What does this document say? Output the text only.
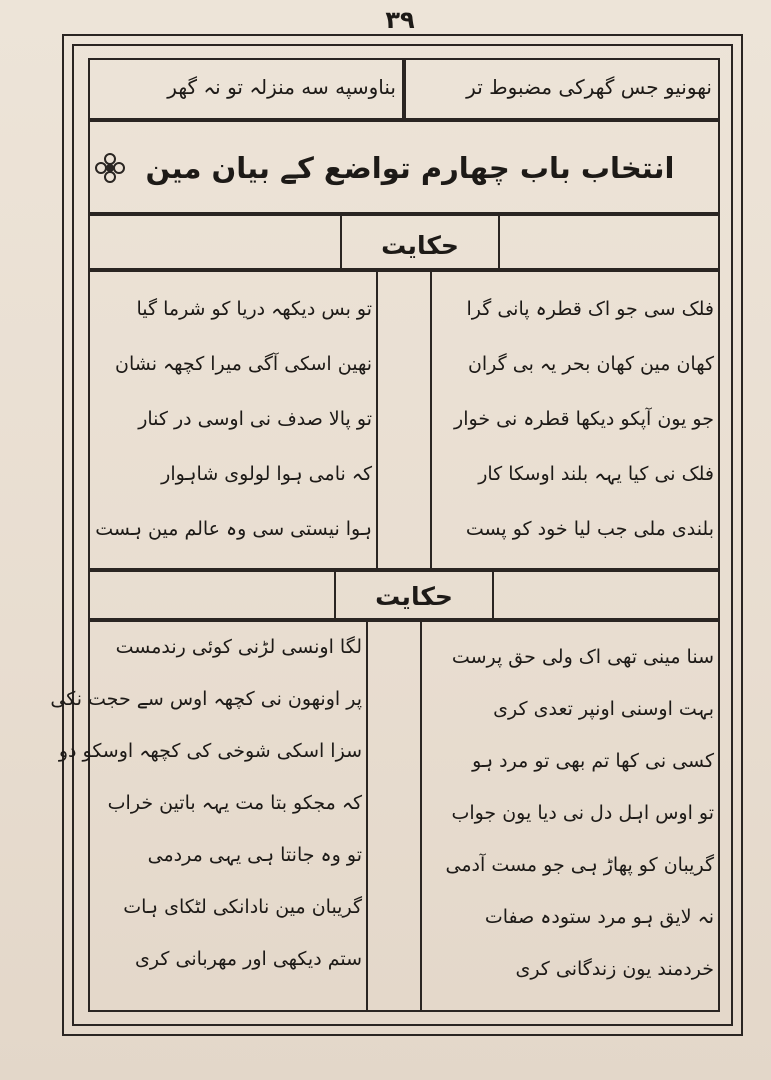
۳۹
نهونیو جس گهرکی مضبوط تر
بناوسپه سه منزلہ تو نہ گهر
انتخاب باب چهارم تواضع کے بیان مین
حکایت
فلک سی جو اک قطرہ پانی گرا
کهان مین کهان بحر یہ بی گران
جو یون آپکو دیکها قطرہ نی خوار
فلک نی کیا یہہ بلند اوسکا کار
بلندی ملی جب لیا خود کو پست
تو بس دیکهہ دریا کو شرما گیا
نهین اسکی آگی میرا کچهہ نشان
تو پالا صدف نی اوسی در کنار
کہ نامی ہوا لولوی شاہوار
ہوا نیستی سی وہ عالم مین ہست
حکایت
سنا مینی تهی اک ولی حق پرست
بہت اوسنی اونپر تعدی کری
کسی نی کها تم بهی تو مرد ہو
تو اوس اہل دل نی دیا یون جواب
گریبان کو پهاڑ ہی جو مست آدمی
نہ لایق ہو مرد ستودہ صفات
خردمند یون زندگانی کری
لگا اونسی لڑنی کوئی رندمست
پر اونهون نی کچهہ اوس سے حجت نکی
سزا اسکی شوخی کی کچهہ اوسکو دو
کہ مجکو بتا مت یہہ باتین خراب
تو وہ جانتا ہی یہی مردمی
گریبان مین نادانکی لٹکای ہات
ستم دیکهی اور مهربانی کری
